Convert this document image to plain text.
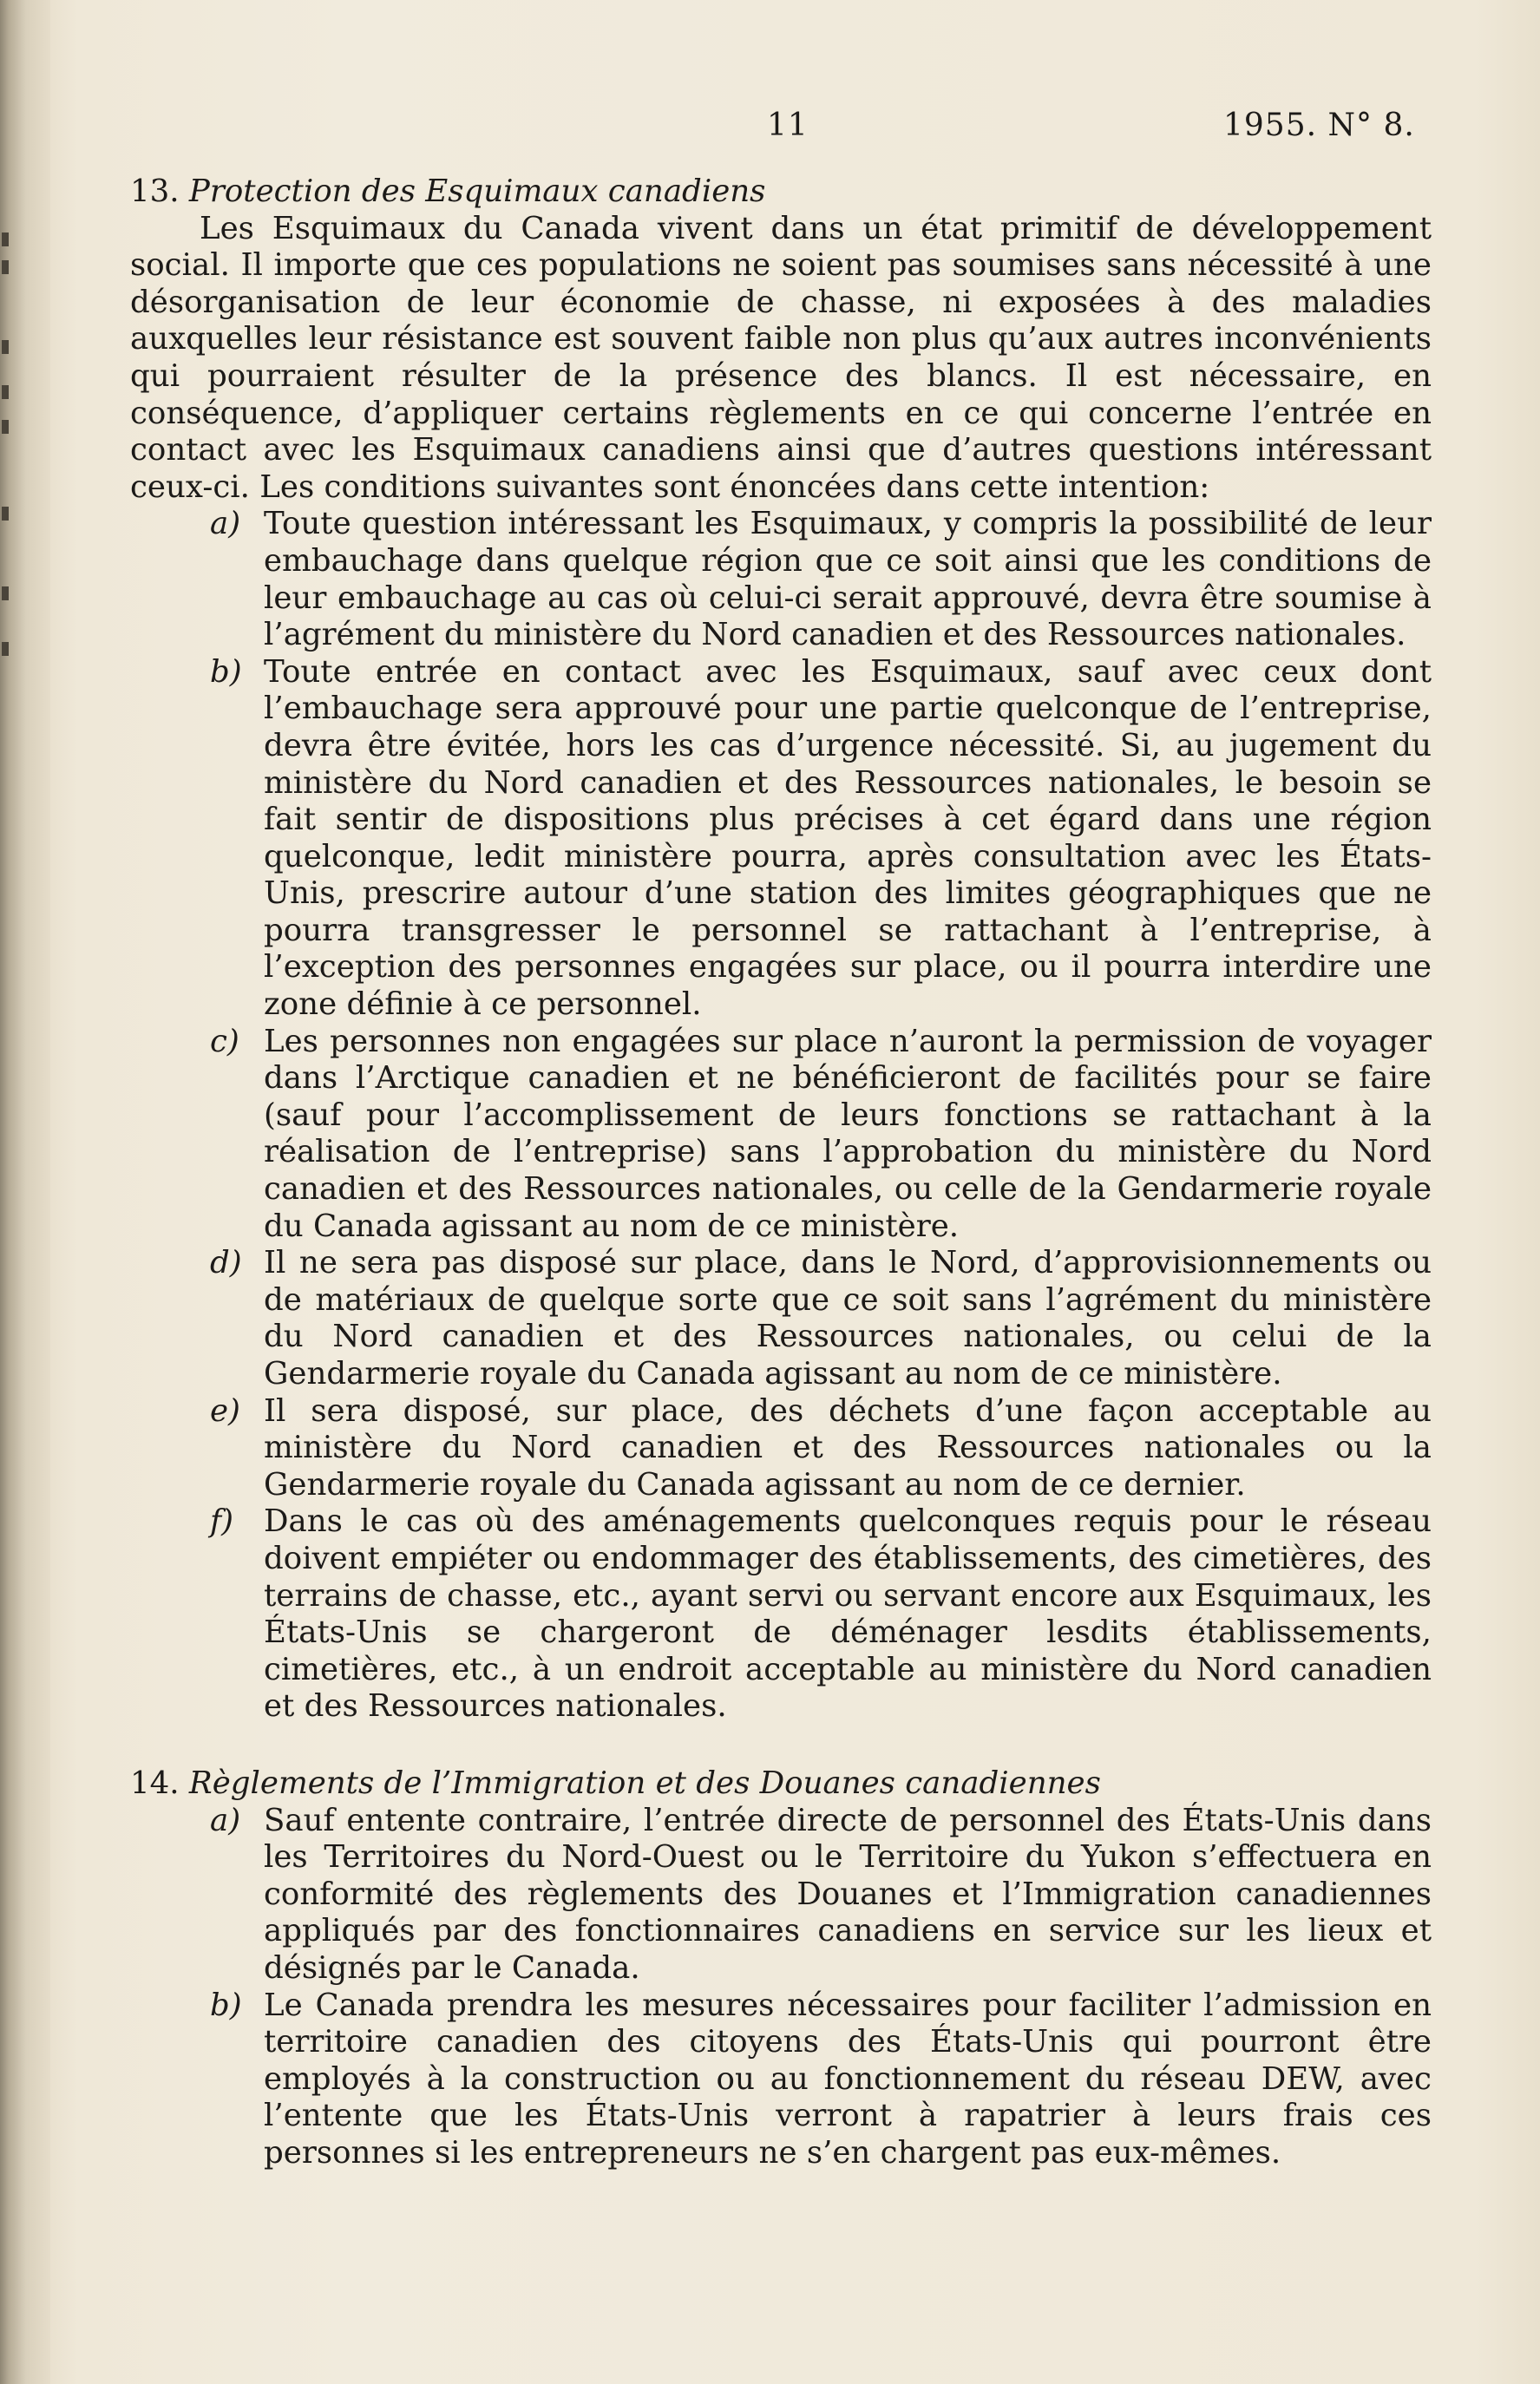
11	1955. N° 8.

13. Protection des Esquimaux canadiens

Les Esquimaux du Canada vivent dans un état primitif de développement social. Il importe que ces populations ne soient pas soumises sans nécessité à une désorganisation de leur économie de chasse, ni exposées à des maladies auxquelles leur résistance est souvent faible non plus qu’aux autres inconvénients qui pourraient résulter de la présence des blancs. Il est nécessaire, en conséquence, d’appliquer certains règlements en ce qui concerne l’entrée en contact avec les Esquimaux canadiens ainsi que d’autres questions intéressant ceux-ci. Les conditions suivantes sont énoncées dans cette intention:

a) Toute question intéressant les Esquimaux, y compris la possibilité de leur embauchage dans quelque région que ce soit ainsi que les conditions de leur embauchage au cas où celui-ci serait approuvé, devra être soumise à l’agrément du ministère du Nord canadien et des Ressources nationales.

b) Toute entrée en contact avec les Esquimaux, sauf avec ceux dont l’embauchage sera approuvé pour une partie quelconque de l’entreprise, devra être évitée, hors les cas d’urgence nécessité. Si, au jugement du ministère du Nord canadien et des Ressources nationales, le besoin se fait sentir de dispositions plus précises à cet égard dans une région quelconque, ledit ministère pourra, après consultation avec les États-Unis, prescrire autour d’une station des limites géographiques que ne pourra transgresser le personnel se rattachant à l’entreprise, à l’exception des personnes engagées sur place, ou il pourra interdire une zone définie à ce personnel.

c) Les personnes non engagées sur place n’auront la permission de voyager dans l’Arctique canadien et ne bénéficieront de facilités pour se faire (sauf pour l’accomplissement de leurs fonctions se rattachant à la réalisation de l’entreprise) sans l’approbation du ministère du Nord canadien et des Ressources nationales, ou celle de la Gendarmerie royale du Canada agissant au nom de ce ministère.

d) Il ne sera pas disposé sur place, dans le Nord, d’approvisionnements ou de matériaux de quelque sorte que ce soit sans l’agrément du ministère du Nord canadien et des Ressources nationales, ou celui de la Gendarmerie royale du Canada agissant au nom de ce ministère.

e) Il sera disposé, sur place, des déchets d’une façon acceptable au ministère du Nord canadien et des Ressources nationales ou la Gendarmerie royale du Canada agissant au nom de ce dernier.

f) Dans le cas où des aménagements quelconques requis pour le réseau doivent empiéter ou endommager des établissements, des cimetières, des terrains de chasse, etc., ayant servi ou servant encore aux Esquimaux, les États-Unis se chargeront de déménager lesdits établissements, cimetières, etc., à un endroit acceptable au ministère du Nord canadien et des Ressources nationales.

14. Règlements de l’Immigration et des Douanes canadiennes

a) Sauf entente contraire, l’entrée directe de personnel des États-Unis dans les Territoires du Nord-Ouest ou le Territoire du Yukon s’effectuera en conformité des règlements des Douanes et l’Immigration canadiennes appliqués par des fonctionnaires canadiens en service sur les lieux et désignés par le Canada.

b) Le Canada prendra les mesures nécessaires pour faciliter l’admission en territoire canadien des citoyens des États-Unis qui pourront être employés à la construction ou au fonctionnement du réseau DEW, avec l’entente que les États-Unis verront à rapatrier à leurs frais ces personnes si les entrepreneurs ne s’en chargent pas eux-mêmes.
